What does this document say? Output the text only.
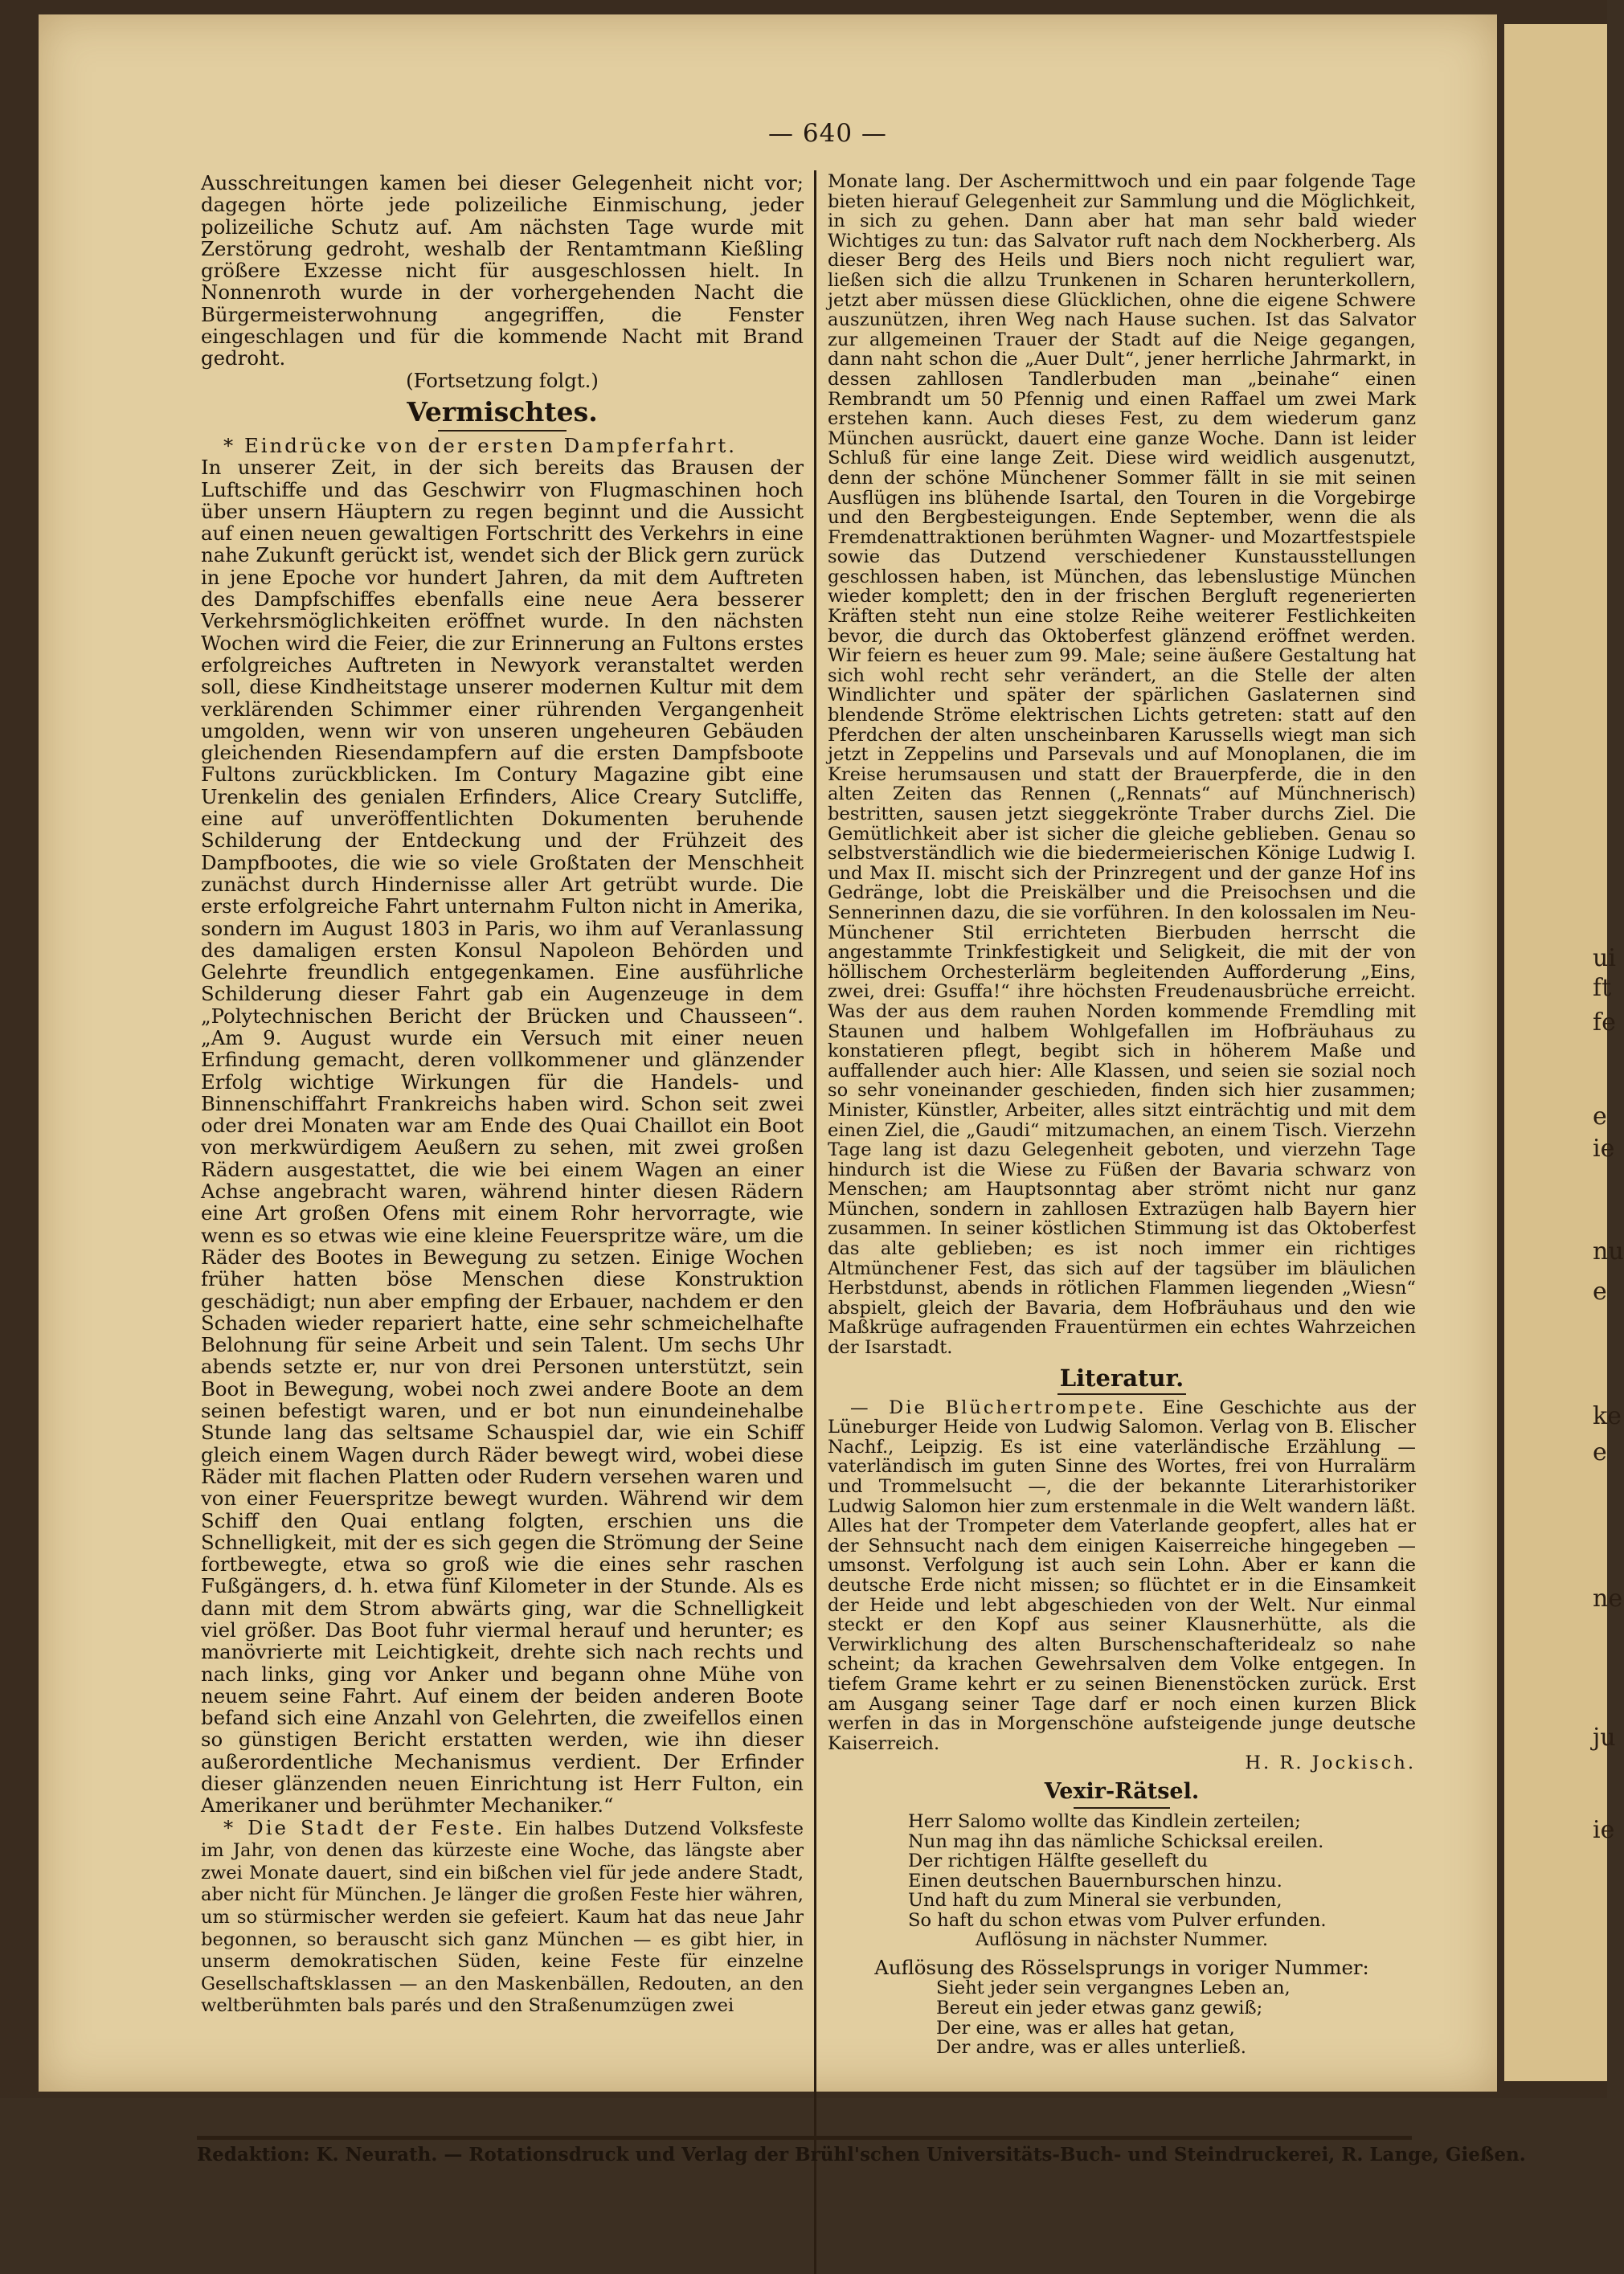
ui
ft
fe
e
ie
nu
e
ke
e
ne
ju
ie
— 640 —

Ausschreitungen kamen bei dieser Gelegenheit nicht vor; dagegen hörte jede polizeiliche Einmischung, jeder polizeiliche Schutz auf. Am nächsten Tage wurde mit Zerstörung gedroht, weshalb der Rentamtmann Kießling größere Exzesse nicht für ausgeschlossen hielt. In Nonnenroth wurde in der vorhergehenden Nacht die Bürgermeisterwohnung angegriffen, die Fenster eingeschlagen und für die kommende Nacht mit Brand gedroht.

(Fortsetzung folgt.)

Vermischtes.

* Eindrücke von der ersten Dampferfahrt.

In unserer Zeit, in der sich bereits das Brausen der Luftschiffe und das Geschwirr von Flugmaschinen hoch über unsern Häuptern zu regen beginnt und die Aussicht auf einen neuen gewaltigen Fortschritt des Verkehrs in eine nahe Zukunft gerückt ist, wendet sich der Blick gern zurück in jene Epoche vor hundert Jahren, da mit dem Auftreten des Dampfschiffes ebenfalls eine neue Aera besserer Verkehrsmöglichkeiten eröffnet wurde. In den nächsten Wochen wird die Feier, die zur Erinnerung an Fultons erstes erfolgreiches Auftreten in Newyork veranstaltet werden soll, diese Kindheitstage unserer modernen Kultur mit dem verklärenden Schimmer einer rührenden Vergangenheit umgolden, wenn wir von unseren ungeheuren Gebäuden gleichenden Riesendampfern auf die ersten Dampfsboote Fultons zurückblicken. Im Contury Magazine gibt eine Urenkelin des genialen Erfinders, Alice Creary Sutcliffe, eine auf unveröffentlichten Dokumenten beruhende Schilderung der Entdeckung und der Frühzeit des Dampfbootes, die wie so viele Großtaten der Menschheit zunächst durch Hindernisse aller Art getrübt wurde. Die erste erfolgreiche Fahrt unternahm Fulton nicht in Amerika, sondern im August 1803 in Paris, wo ihm auf Veranlassung des damaligen ersten Konsul Napoleon Behörden und Gelehrte freundlich entgegenkamen. Eine ausführliche Schilderung dieser Fahrt gab ein Augenzeuge in dem „Polytechnischen Bericht der Brücken und Chausseen“. „Am 9. August wurde ein Versuch mit einer neuen Erfindung gemacht, deren vollkommener und glänzender Erfolg wichtige Wirkungen für die Handels- und Binnenschiffahrt Frankreichs haben wird. Schon seit zwei oder drei Monaten war am Ende des Quai Chaillot ein Boot von merkwürdigem Aeußern zu sehen, mit zwei großen Rädern ausgestattet, die wie bei einem Wagen an einer Achse angebracht waren, während hinter diesen Rädern eine Art großen Ofens mit einem Rohr hervorragte, wie wenn es so etwas wie eine kleine Feuerspritze wäre, um die Räder des Bootes in Bewegung zu setzen. Einige Wochen früher hatten böse Menschen diese Konstruktion geschädigt; nun aber empfing der Erbauer, nachdem er den Schaden wieder repariert hatte, eine sehr schmeichelhafte Belohnung für seine Arbeit und sein Talent. Um sechs Uhr abends setzte er, nur von drei Personen unterstützt, sein Boot in Bewegung, wobei noch zwei andere Boote an dem seinen befestigt waren, und er bot nun einundeinehalbe Stunde lang das seltsame Schauspiel dar, wie ein Schiff gleich einem Wagen durch Räder bewegt wird, wobei diese Räder mit flachen Platten oder Rudern versehen waren und von einer Feuerspritze bewegt wurden. Während wir dem Schiff den Quai entlang folgten, erschien uns die Schnelligkeit, mit der es sich gegen die Strömung der Seine fortbewegte, etwa so groß wie die eines sehr raschen Fußgängers, d. h. etwa fünf Kilometer in der Stunde. Als es dann mit dem Strom abwärts ging, war die Schnelligkeit viel größer. Das Boot fuhr viermal herauf und herunter; es manövrierte mit Leichtigkeit, drehte sich nach rechts und nach links, ging vor Anker und begann ohne Mühe von neuem seine Fahrt. Auf einem der beiden anderen Boote befand sich eine Anzahl von Gelehrten, die zweifellos einen so günstigen Bericht erstatten werden, wie ihn dieser außerordentliche Mechanismus verdient. Der Erfinder dieser glänzenden neuen Einrichtung ist Herr Fulton, ein Amerikaner und berühmter Mechaniker.“

* Die Stadt der Feste. Ein halbes Dutzend Volksfeste im Jahr, von denen das kürzeste eine Woche, das längste aber zwei Monate dauert, sind ein bißchen viel für jede andere Stadt, aber nicht für München. Je länger die großen Feste hier währen, um so stürmischer werden sie gefeiert. Kaum hat das neue Jahr begonnen, so berauscht sich ganz München — es gibt hier, in unserm demokratischen Süden, keine Feste für einzelne Gesellschaftsklassen — an den Maskenbällen, Redouten, an den weltberühmten bals parés und den Straßenumzügen zwei

Monate lang. Der Aschermittwoch und ein paar folgende Tage bieten hierauf Gelegenheit zur Sammlung und die Möglichkeit, in sich zu gehen. Dann aber hat man sehr bald wieder Wichtiges zu tun: das Salvator ruft nach dem Nockherberg. Als dieser Berg des Heils und Biers noch nicht reguliert war, ließen sich die allzu Trunkenen in Scharen herunterkollern, jetzt aber müssen diese Glücklichen, ohne die eigene Schwere auszunützen, ihren Weg nach Hause suchen. Ist das Salvator zur allgemeinen Trauer der Stadt auf die Neige gegangen, dann naht schon die „Auer Dult“, jener herrliche Jahrmarkt, in dessen zahllosen Tandlerbuden man „beinahe“ einen Rembrandt um 50 Pfennig und einen Raffael um zwei Mark erstehen kann. Auch dieses Fest, zu dem wiederum ganz München ausrückt, dauert eine ganze Woche. Dann ist leider Schluß für eine lange Zeit. Diese wird weidlich ausgenutzt, denn der schöne Münchener Sommer fällt in sie mit seinen Ausflügen ins blühende Isartal, den Touren in die Vorgebirge und den Bergbesteigungen. Ende September, wenn die als Fremdenattraktionen berühmten Wagner- und Mozartfestspiele sowie das Dutzend verschiedener Kunstausstellungen geschlossen haben, ist München, das lebenslustige München wieder komplett; den in der frischen Bergluft regenerierten Kräften steht nun eine stolze Reihe weiterer Festlichkeiten bevor, die durch das Oktoberfest glänzend eröffnet werden. Wir feiern es heuer zum 99. Male; seine äußere Gestaltung hat sich wohl recht sehr verändert, an die Stelle der alten Windlichter und später der spärlichen Gaslaternen sind blendende Ströme elektrischen Lichts getreten: statt auf den Pferdchen der alten unscheinbaren Karussells wiegt man sich jetzt in Zeppelins und Parsevals und auf Monoplanen, die im Kreise herumsausen und statt der Brauerpferde, die in den alten Zeiten das Rennen („Rennats“ auf Münchnerisch) bestritten, sausen jetzt sieggekrönte Traber durchs Ziel. Die Gemütlichkeit aber ist sicher die gleiche geblieben. Genau so selbstverständlich wie die biedermeierischen Könige Ludwig I. und Max II. mischt sich der Prinzregent und der ganze Hof ins Gedränge, lobt die Preiskälber und die Preisochsen und die Sennerinnen dazu, die sie vorführen. In den kolossalen im Neu-Münchener Stil errichteten Bierbuden herrscht die angestammte Trinkfestigkeit und Seligkeit, die mit der von höllischem Orchesterlärm begleitenden Aufforderung „Eins, zwei, drei: Gsuffa!“ ihre höchsten Freudenausbrüche erreicht. Was der aus dem rauhen Norden kommende Fremdling mit Staunen und halbem Wohlgefallen im Hofbräuhaus zu konstatieren pflegt, begibt sich in höherem Maße und auffallender auch hier: Alle Klassen, und seien sie sozial noch so sehr voneinander geschieden, finden sich hier zusammen; Minister, Künstler, Arbeiter, alles sitzt einträchtig und mit dem einen Ziel, die „Gaudi“ mitzumachen, an einem Tisch. Vierzehn Tage lang ist dazu Gelegenheit geboten, und vierzehn Tage hindurch ist die Wiese zu Füßen der Bavaria schwarz von Menschen; am Hauptsonntag aber strömt nicht nur ganz München, sondern in zahllosen Extrazügen halb Bayern hier zusammen. In seiner köstlichen Stimmung ist das Oktoberfest das alte geblieben; es ist noch immer ein richtiges Altmünchener Fest, das sich auf der tagsüber im bläulichen Herbstdunst, abends in rötlichen Flammen liegenden „Wiesn“ abspielt, gleich der Bavaria, dem Hofbräuhaus und den wie Maßkrüge aufragenden Frauentürmen ein echtes Wahrzeichen der Isarstadt.

Literatur.

— Die Blüchertrompete. Eine Geschichte aus der Lüneburger Heide von Ludwig Salomon. Verlag von B. Elischer Nachf., Leipzig. Es ist eine vaterländische Erzählung — vaterländisch im guten Sinne des Wortes, frei von Hurralärm und Trommelsucht —, die der bekannte Literarhistoriker Ludwig Salomon hier zum erstenmale in die Welt wandern läßt. Alles hat der Trompeter dem Vaterlande geopfert, alles hat er der Sehnsucht nach dem einigen Kaiserreiche hingegeben — umsonst. Verfolgung ist auch sein Lohn. Aber er kann die deutsche Erde nicht missen; so flüchtet er in die Einsamkeit der Heide und lebt abgeschieden von der Welt. Nur einmal steckt er den Kopf aus seiner Klausnerhütte, als die Verwirklichung des alten Burschenschafteridealz so nahe scheint; da krachen Gewehrsalven dem Volke entgegen. In tiefem Grame kehrt er zu seinen Bienenstöcken zurück. Erst am Ausgang seiner Tage darf er noch einen kurzen Blick werfen in das in Morgenschöne aufsteigende junge deutsche Kaiserreich.

H. R. Jockisch.

Vexir-Rätsel.

Herr Salomo wollte das Kindlein zerteilen;

Nun mag ihn das nämliche Schicksal ereilen.

Der richtigen Hälfte geselleft du

Einen deutschen Bauernburschen hinzu.

Und haft du zum Mineral sie verbunden,

So haft du schon etwas vom Pulver erfunden.

Auflösung in nächster Nummer.

Auflösung des Rösselsprungs in voriger Nummer:

Sieht jeder sein vergangnes Leben an,

Bereut ein jeder etwas ganz gewiß;

Der eine, was er alles hat getan,

Der andre, was er alles unterließ.

Redaktion: K. Neurath. — Rotationsdruck und Verlag der Brühl'schen Universitäts-Buch- und Steindruckerei, R. Lange, Gießen.
